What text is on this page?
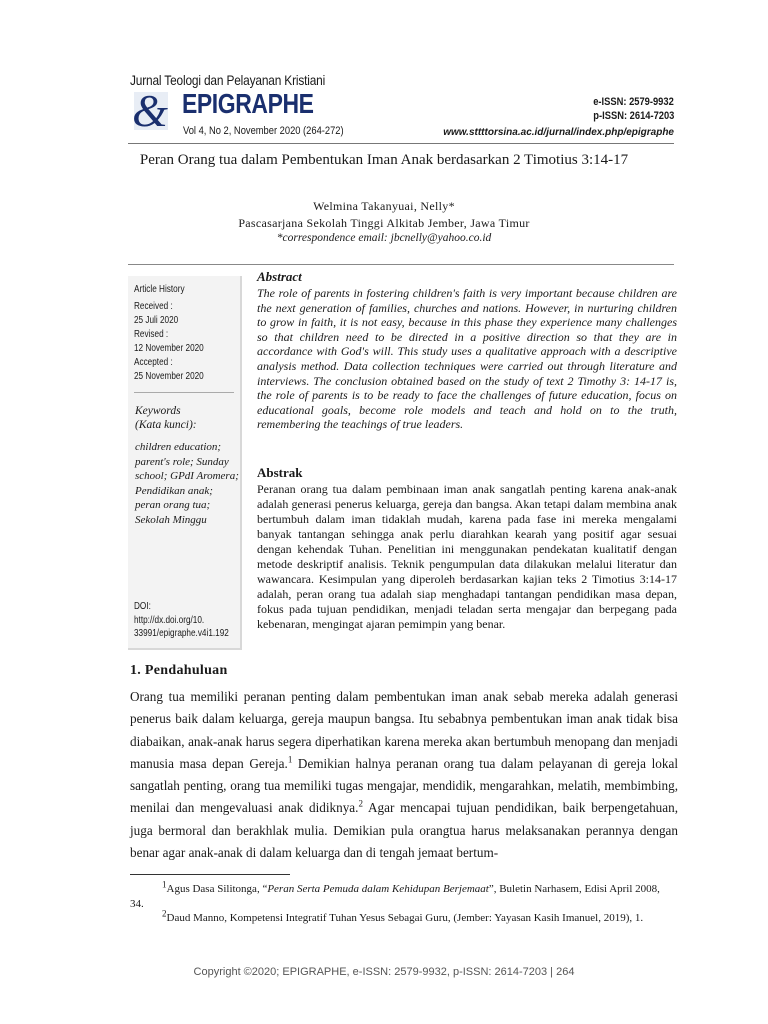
Jurnal Teologi dan Pelayanan Kristiani
& EPIGRAPHE
Vol 4, No 2, November 2020 (264-272)
e-ISSN: 2579-9932
p-ISSN: 2614-7203
www.sttttorsina.ac.id/jurnal/index.php/epigraphe
Peran Orang tua dalam Pembentukan Iman Anak berdasarkan 2 Timotius 3:14-17
Welmina Takanyuai, Nelly*
Pascasarjana Sekolah Tinggi Alkitab Jember, Jawa Timur
*correspondence email: jbcnelly@yahoo.co.id
Article History
Received :
25 Juli 2020
Revised :
12 November 2020
Accepted :
25 November 2020
Keywords
(Kata kunci):
children education; parent's role; Sunday school; GPdI Aromera; Pendidikan anak; peran orang tua; Sekolah Minggu
DOI:
http://dx.doi.org/10.
33991/epigraphe.v4i1.192
Abstract
The role of parents in fostering children's faith is very important because children are the next generation of families, churches and nations. However, in nurturing children to grow in faith, it is not easy, because in this phase they experience many challenges so that children need to be directed in a positive direction so that they are in accordance with God's will. This study uses a qualitative approach with a descriptive analysis method. Data collection techniques were carried out through literature and interviews. The conclusion obtained based on the study of text 2 Timothy 3: 14-17 is, the role of parents is to be ready to face the challenges of future education, focus on educational goals, become role models and teach and hold on to the truth, remembering the teachings of true leaders.
Abstrak
Peranan orang tua dalam pembinaan iman anak sangatlah penting karena anak-anak adalah generasi penerus keluarga, gereja dan bangsa. Akan tetapi dalam membina anak bertumbuh dalam iman tidaklah mudah, karena pada fase ini mereka mengalami banyak tantangan sehingga anak perlu diarahkan kearah yang positif agar sesuai dengan kehendak Tuhan. Penelitian ini menggunakan pendekatan kualitatif dengan metode deskriptif analisis. Teknik pengumpulan data dilakukan melalui literatur dan wawancara. Kesimpulan yang diperoleh berdasarkan kajian teks 2 Timotius 3:14-17 adalah, peran orang tua adalah siap menghadapi tantangan pendidikan masa depan, fokus pada tujuan pendidikan, menjadi teladan serta mengajar dan berpegang pada kebenaran, mengingat ajaran pemimpin yang benar.
1. Pendahuluan
Orang tua memiliki peranan penting dalam pembentukan iman anak sebab mereka adalah generasi penerus baik dalam keluarga, gereja maupun bangsa. Itu sebabnya pembentukan iman anak tidak bisa diabaikan, anak-anak harus segera diperhatikan karena mereka akan bertumbuh menopang dan menjadi manusia masa depan Gereja.$^1$ Demikian halnya peranan orang tua dalam pelayanan di gereja lokal sangatlah penting, orang tua memiliki tugas mengajar, mendidik, mengarahkan, melatih, membimbing, menilai dan mengevaluasi anak didiknya.$^2$ Agar mencapai tujuan pendidikan, baik berpengetahuan, juga bermoral dan berakhlak mulia. Demikian pula orangtua harus melaksanakan perannya dengan benar agar anak-anak di dalam keluarga dan di tengah jemaat bertum-
$^1$Agus Dasa Silitonga, “Peran Serta Pemuda dalam Kehidupan Berjemaat”, Buletin Narhasem, Edisi April 2008, 34.
$^2$Daud Manno, Kompetensi Integratif Tuhan Yesus Sebagai Guru, (Jember: Yayasan Kasih Imanuel, 2019), 1.
Copyright ©2020; EPIGRAPHE, e-ISSN: 2579-9932, p-ISSN: 2614-7203 | 264
